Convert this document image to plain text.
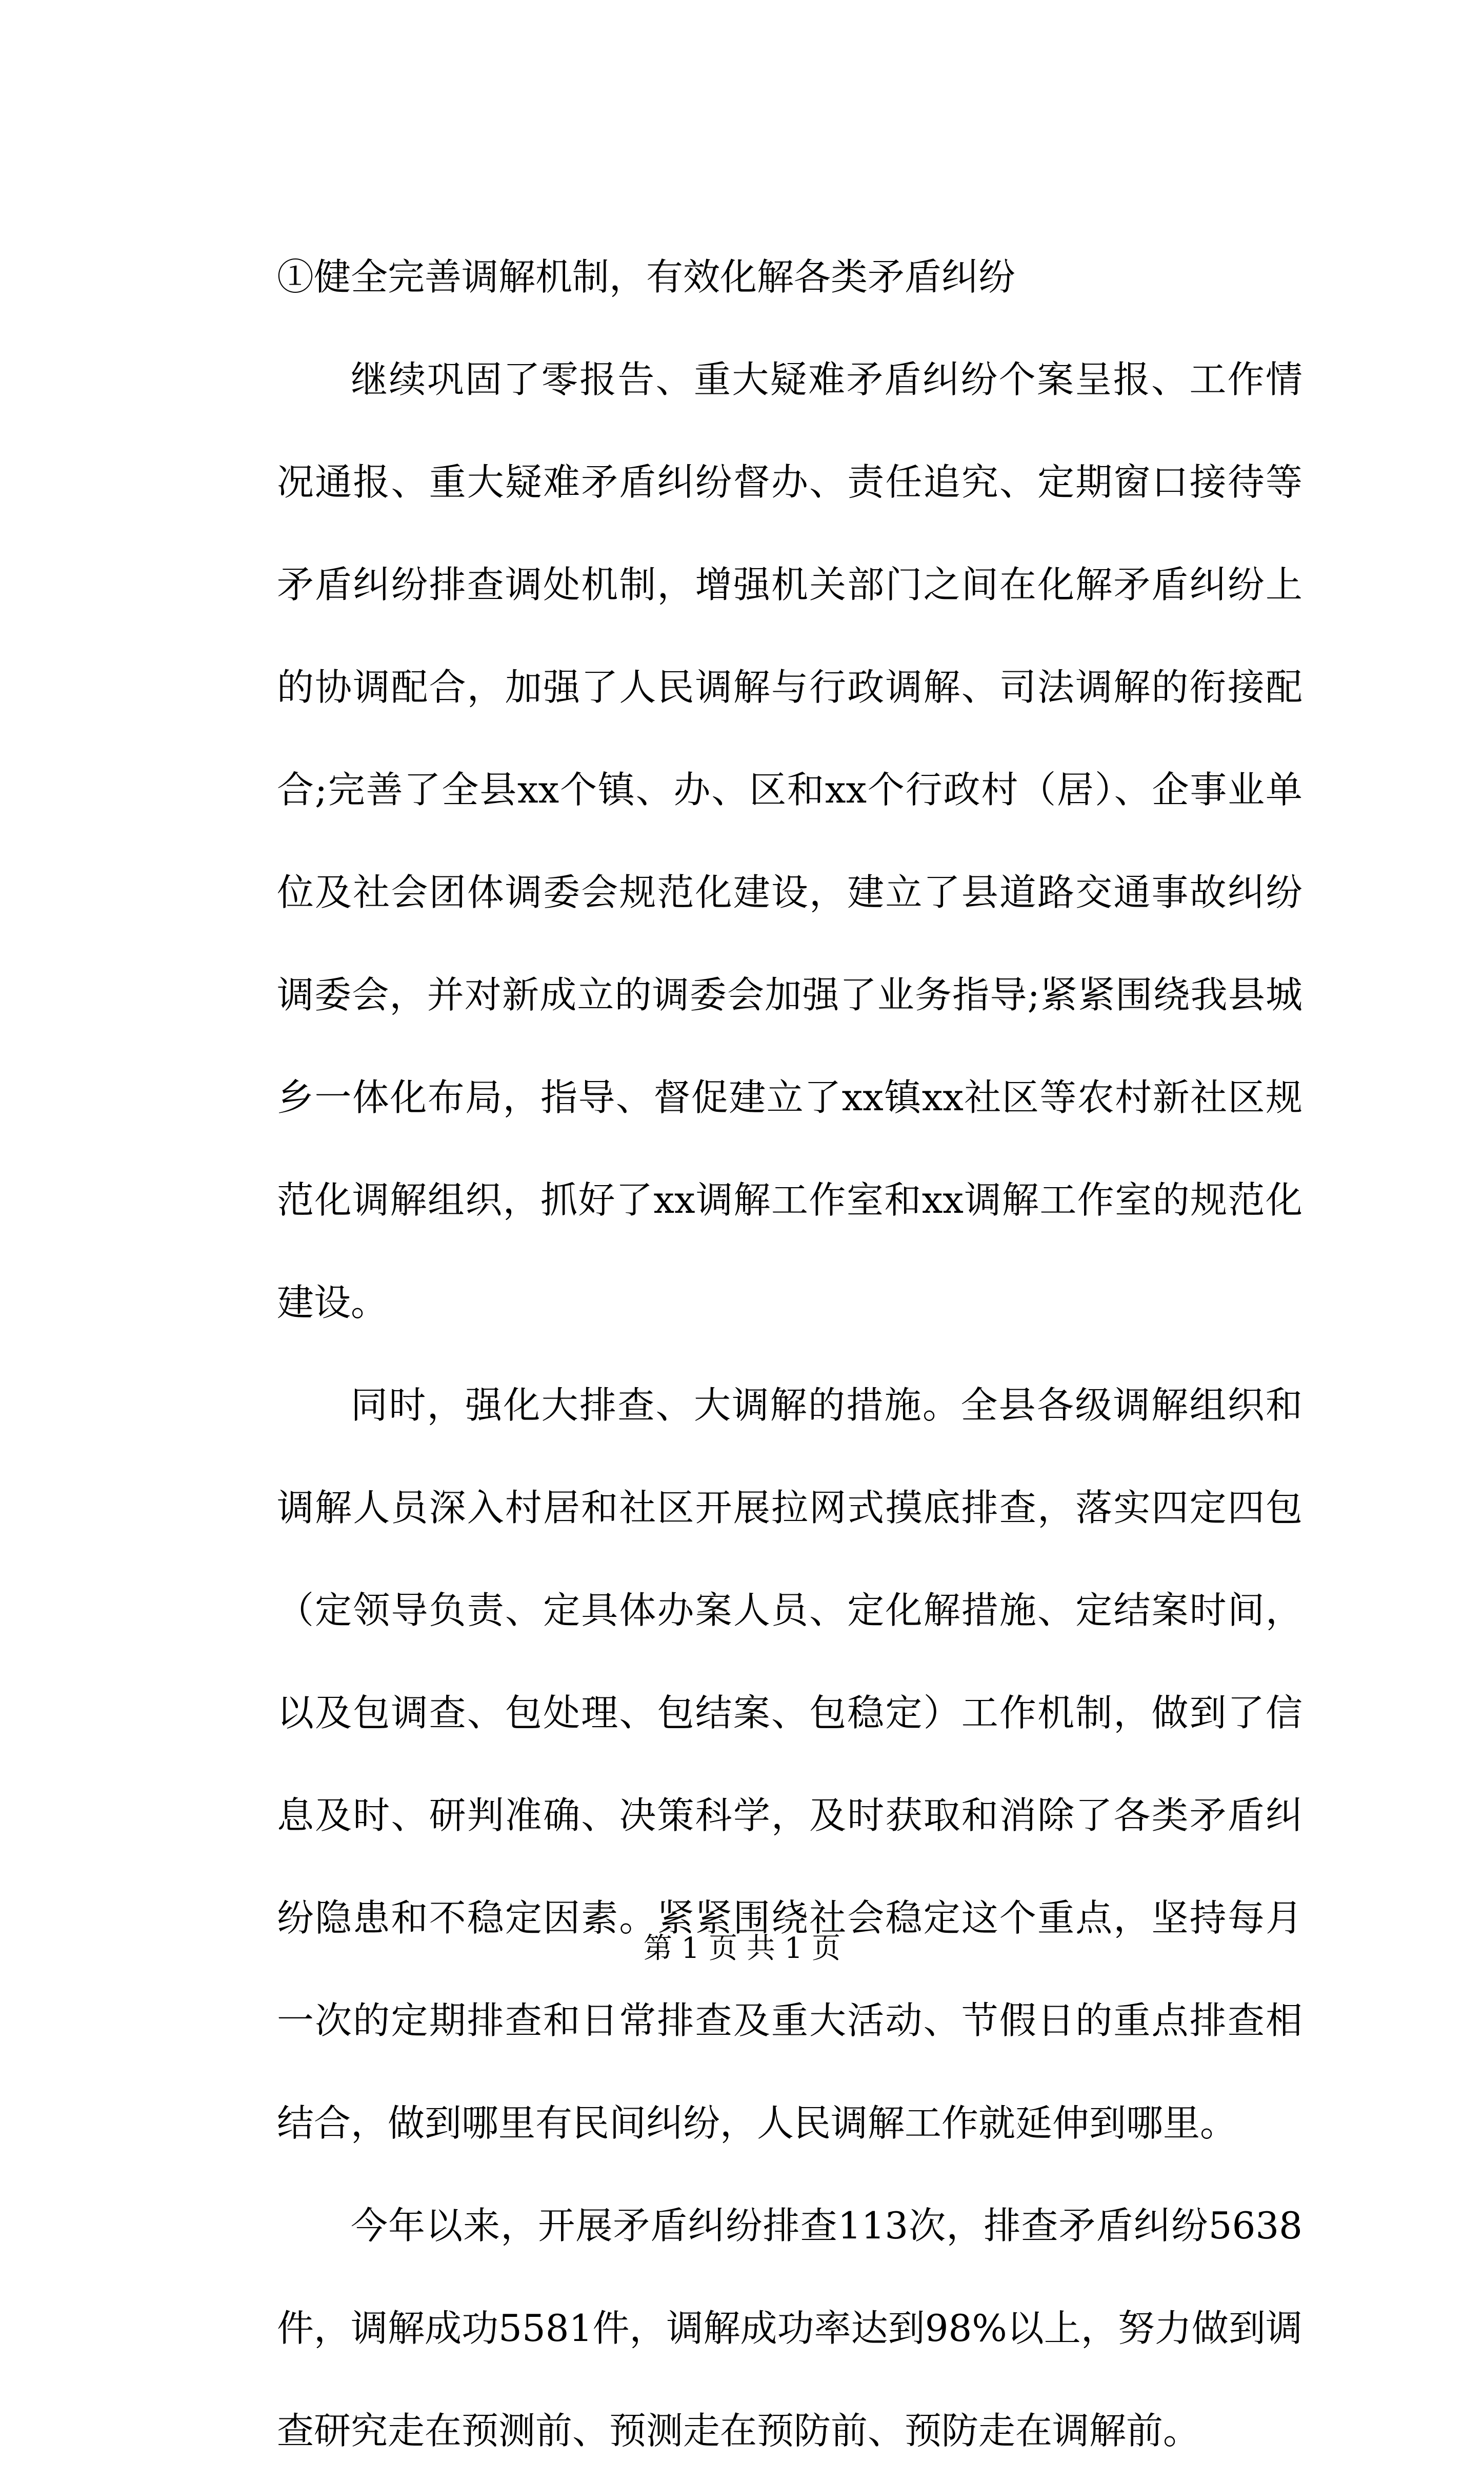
①健全完善调解机制，有效化解各类矛盾纠纷

继续巩固了零报告、重大疑难矛盾纠纷个案呈报、工作情况通报、重大疑难矛盾纠纷督办、责任追究、定期窗口接待等矛盾纠纷排查调处机制，增强机关部门之间在化解矛盾纠纷上的协调配合，加强了人民调解与行政调解、司法调解的衔接配合;完善了全县xx个镇、办、区和xx个行政村（居）、企事业单位及社会团体调委会规范化建设，建立了县道路交通事故纠纷调委会，并对新成立的调委会加强了业务指导;紧紧围绕我县城乡一体化布局，指导、督促建立了xx镇xx社区等农村新社区规范化调解组织，抓好了xx调解工作室和xx调解工作室的规范化建设。

同时，强化大排查、大调解的措施。全县各级调解组织和调解人员深入村居和社区开展拉网式摸底排查，落实四定四包（定领导负责、定具体办案人员、定化解措施、定结案时间，以及包调查、包处理、包结案、包稳定）工作机制，做到了信息及时、研判准确、决策科学，及时获取和消除了各类矛盾纠纷隐患和不稳定因素。紧紧围绕社会稳定这个重点，坚持每月一次的定期排查和日常排查及重大活动、节假日的重点排查相结合，做到哪里有民间纠纷，人民调解工作就延伸到哪里。

今年以来，开展矛盾纠纷排查113次，排查矛盾纠纷5638件，调解成功5581件，调解成功率达到98%以上，努力做到调查研究走在预测前、预测走在预防前、预防走在调解前。

第 1 页 共 1 页
